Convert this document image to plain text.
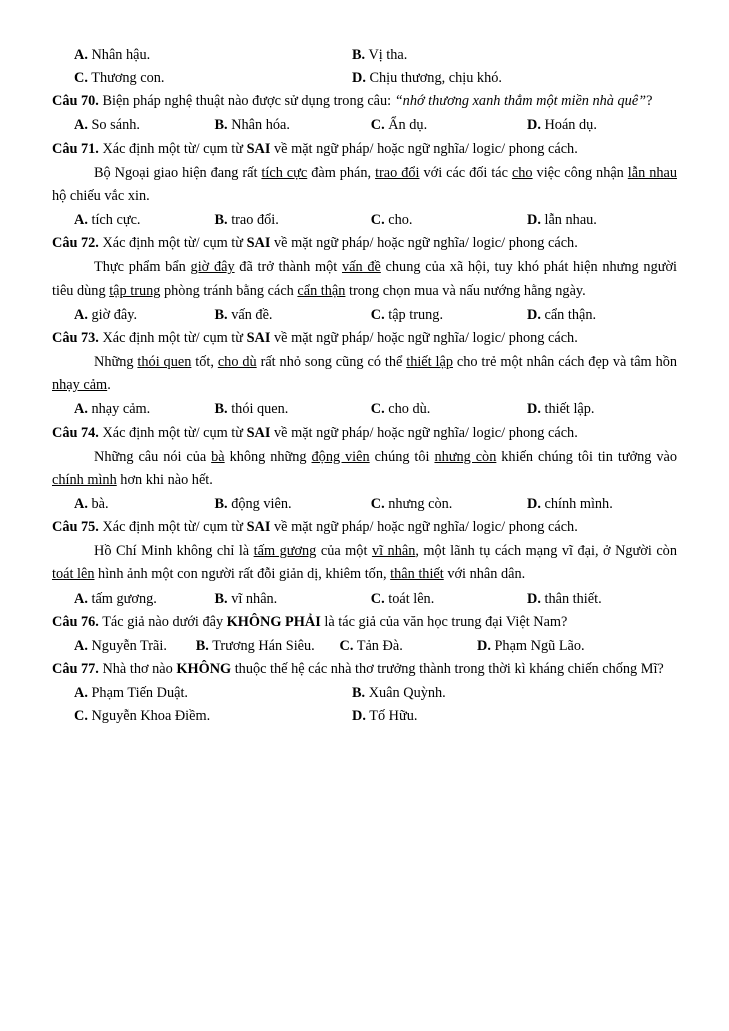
A. Nhân hậu.	B. Vị tha.
C. Thương con.	D. Chịu thương, chịu khó.

Câu 70. Biện pháp nghệ thuật nào được sử dụng trong câu: “nhớ thương xanh thẳm một miền nhà quê”?

A. So sánh.	B. Nhân hóa.	C. Ẩn dụ.	D. Hoán dụ.

Câu 71. Xác định một từ/ cụm từ SAI về mặt ngữ pháp/ hoặc ngữ nghĩa/ logic/ phong cách.

Bộ Ngoại giao hiện đang rất tích cực đàm phán, trao đổi với các đối tác cho việc công nhận lẫn nhau hộ chiếu vắc xin.

A. tích cực.	B. trao đổi.	C. cho.	D. lẫn nhau.

Câu 72. Xác định một từ/ cụm từ SAI về mặt ngữ pháp/ hoặc ngữ nghĩa/ logic/ phong cách.

Thực phẩm bẩn giờ đây đã trở thành một vấn đề chung của xã hội, tuy khó phát hiện nhưng người tiêu dùng tập trung phòng tránh bằng cách cẩn thận trong chọn mua và nấu nướng hằng ngày.

A. giờ đây.	B. vấn đề.	C. tập trung.	D. cẩn thận.

Câu 73. Xác định một từ/ cụm từ SAI về mặt ngữ pháp/ hoặc ngữ nghĩa/ logic/ phong cách.

Những thói quen tốt, cho dù rất nhỏ song cũng có thể thiết lập cho trẻ một nhân cách đẹp và tâm hồn nhạy cảm.

A. nhạy cảm.	B. thói quen.	C. cho dù.	D. thiết lập.

Câu 74. Xác định một từ/ cụm từ SAI về mặt ngữ pháp/ hoặc ngữ nghĩa/ logic/ phong cách.

Những câu nói của bà không những động viên chúng tôi nhưng còn khiến chúng tôi tin tưởng vào chính mình hơn khi nào hết.

A. bà.	B. động viên.	C. nhưng còn.	D. chính mình.

Câu 75. Xác định một từ/ cụm từ SAI về mặt ngữ pháp/ hoặc ngữ nghĩa/ logic/ phong cách.

Hồ Chí Minh không chỉ là tấm gương của một vĩ nhân, một lãnh tụ cách mạng vĩ đại, ở Người còn toát lên hình ảnh một con người rất đỗi giản dị, khiêm tốn, thân thiết với nhân dân.

A. tấm gương.	B. vĩ nhân.	C. toát lên.	D. thân thiết.

Câu 76. Tác giả nào dưới đây KHÔNG PHẢI là tác giả của văn học trung đại Việt Nam?

A. Nguyễn Trãi.	B. Trương Hán Siêu.	C. Tản Đà.	D. Phạm Ngũ Lão.

Câu 77. Nhà thơ nào KHÔNG thuộc thế hệ các nhà thơ trưởng thành trong thời kì kháng chiến chống Mĩ?

A. Phạm Tiến Duật.	B. Xuân Quỳnh.
C. Nguyễn Khoa Điềm.	D. Tố Hữu.
